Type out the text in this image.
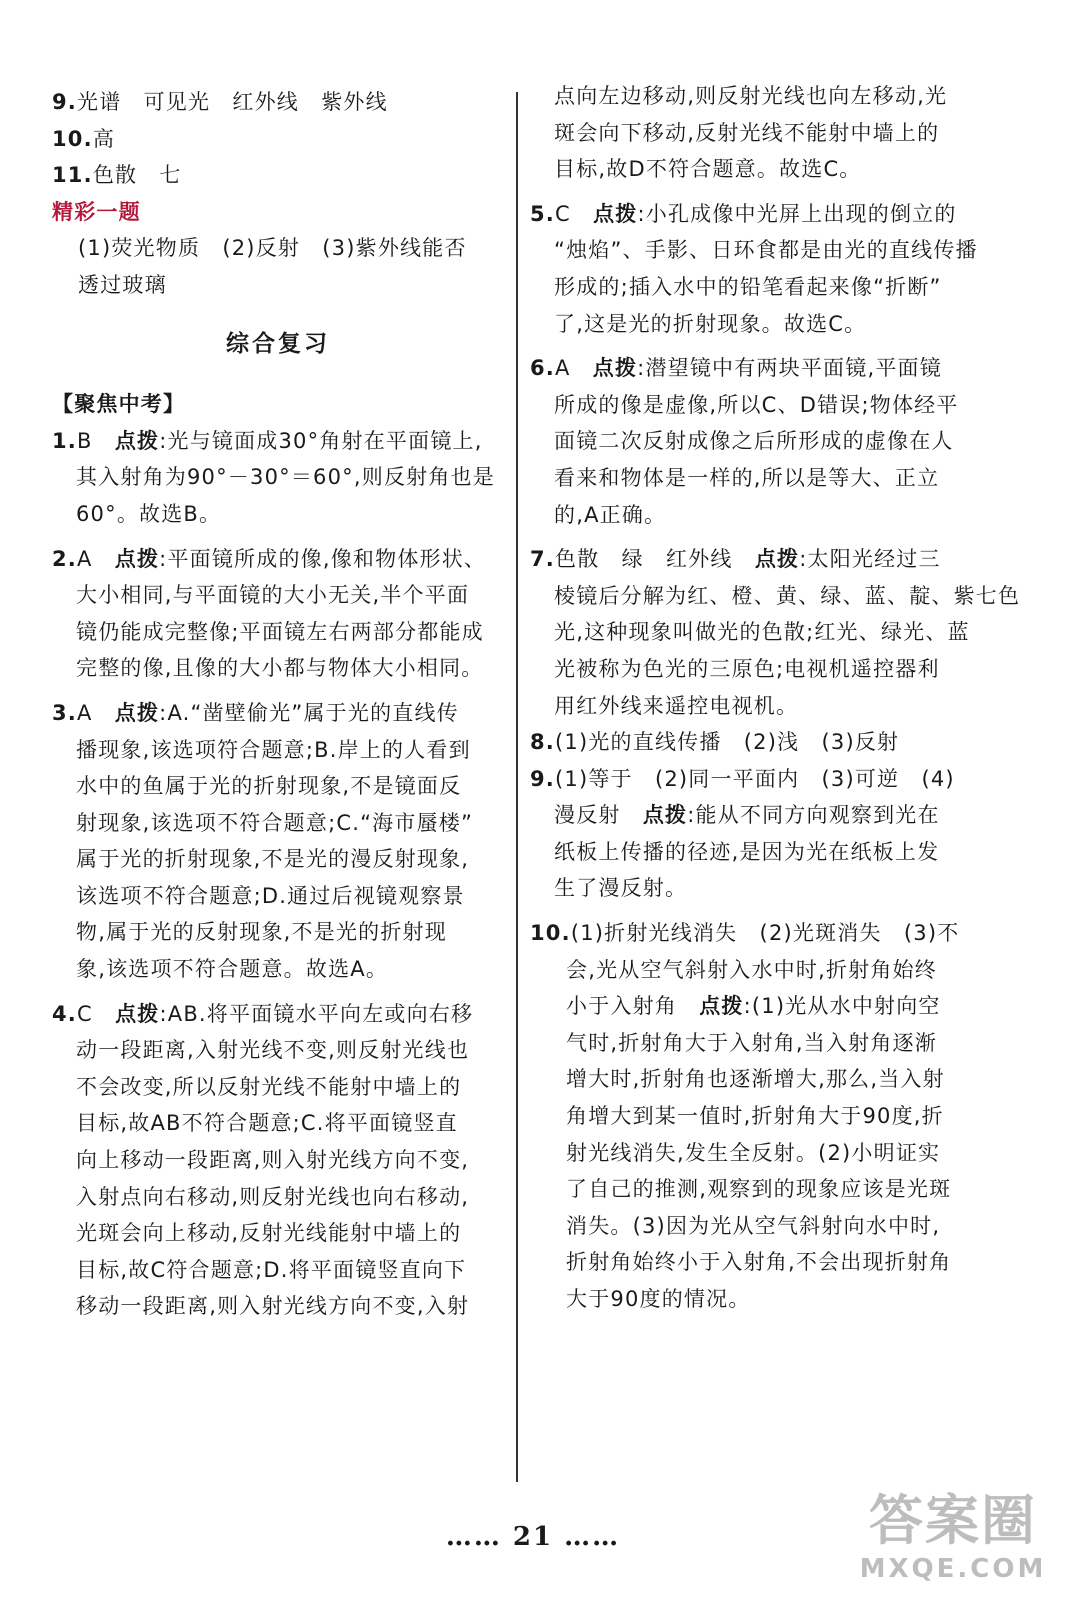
9.光谱　可见光　红外线　紫外线
10.高
11.色散　七
精彩一题
(1)荧光物质　(2)反射　(3)紫外线能否
透过玻璃
综合复习
【聚焦中考】
1.B　点拨:光与镜面成30°角射在平面镜上,
其入射角为90°－30°＝60°,则反射角也是
60°。故选B。
2.A　点拨:平面镜所成的像,像和物体形状、
大小相同,与平面镜的大小无关,半个平面
镜仍能成完整像;平面镜左右两部分都能成
完整的像,且像的大小都与物体大小相同。
3.A　点拨:A.“凿壁偷光”属于光的直线传
播现象,该选项符合题意;B.岸上的人看到
水中的鱼属于光的折射现象,不是镜面反
射现象,该选项不符合题意;C.“海市蜃楼”
属于光的折射现象,不是光的漫反射现象,
该选项不符合题意;D.通过后视镜观察景
物,属于光的反射现象,不是光的折射现
象,该选项不符合题意。故选A。
4.C　点拨:AB.将平面镜水平向左或向右移
动一段距离,入射光线不变,则反射光线也
不会改变,所以反射光线不能射中墙上的
目标,故AB不符合题意;C.将平面镜竖直
向上移动一段距离,则入射光线方向不变,
入射点向右移动,则反射光线也向右移动,
光斑会向上移动,反射光线能射中墙上的
目标,故C符合题意;D.将平面镜竖直向下
移动一段距离,则入射光线方向不变,入射
点向左边移动,则反射光线也向左移动,光
斑会向下移动,反射光线不能射中墙上的
目标,故D不符合题意。故选C。
5.C　点拨:小孔成像中光屏上出现的倒立的
“烛焰”、手影、日环食都是由光的直线传播
形成的;插入水中的铅笔看起来像“折断”
了,这是光的折射现象。故选C。
6.A　点拨:潜望镜中有两块平面镜,平面镜
所成的像是虚像,所以C、D错误;物体经平
面镜二次反射成像之后所形成的虚像在人
看来和物体是一样的,所以是等大、正立
的,A正确。
7.色散　绿　红外线　点拨:太阳光经过三
棱镜后分解为红、橙、黄、绿、蓝、靛、紫七色
光,这种现象叫做光的色散;红光、绿光、蓝
光被称为色光的三原色;电视机遥控器利
用红外线来遥控电视机。
8.(1)光的直线传播　(2)浅　(3)反射
9.(1)等于　(2)同一平面内　(3)可逆　(4)
漫反射　点拨:能从不同方向观察到光在
纸板上传播的径迹,是因为光在纸板上发
生了漫反射。
10.(1)折射光线消失　(2)光斑消失　(3)不
会,光从空气斜射入水中时,折射角始终
小于入射角　点拨:(1)光从水中射向空
气时,折射角大于入射角,当入射角逐渐
增大时,折射角也逐渐增大,那么,当入射
角增大到某一值时,折射角大于90度,折
射光线消失,发生全反射。(2)小明证实
了自己的推测,观察到的现象应该是光斑
消失。(3)因为光从空气斜射向水中时,
折射角始终小于入射角,不会出现折射角
大于90度的情况。
…… 21 ……	答案圈
MXQE.COM
